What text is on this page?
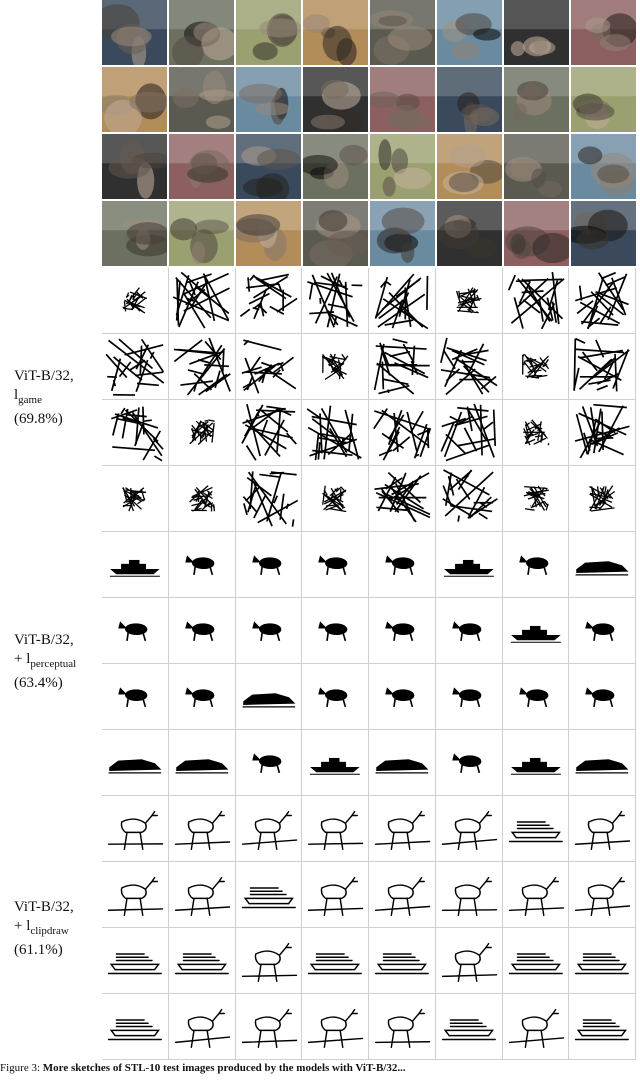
ViT-B/32,
$l_{game}$
(69.8%)
ViT-B/32,
+ $l_{perceptual}$
(63.4%)
ViT-B/32,
+ $l_{clipdraw}$
(61.1%)
Figure 3: More sketches of STL-10 test images produced by the models with ViT-B/32...
